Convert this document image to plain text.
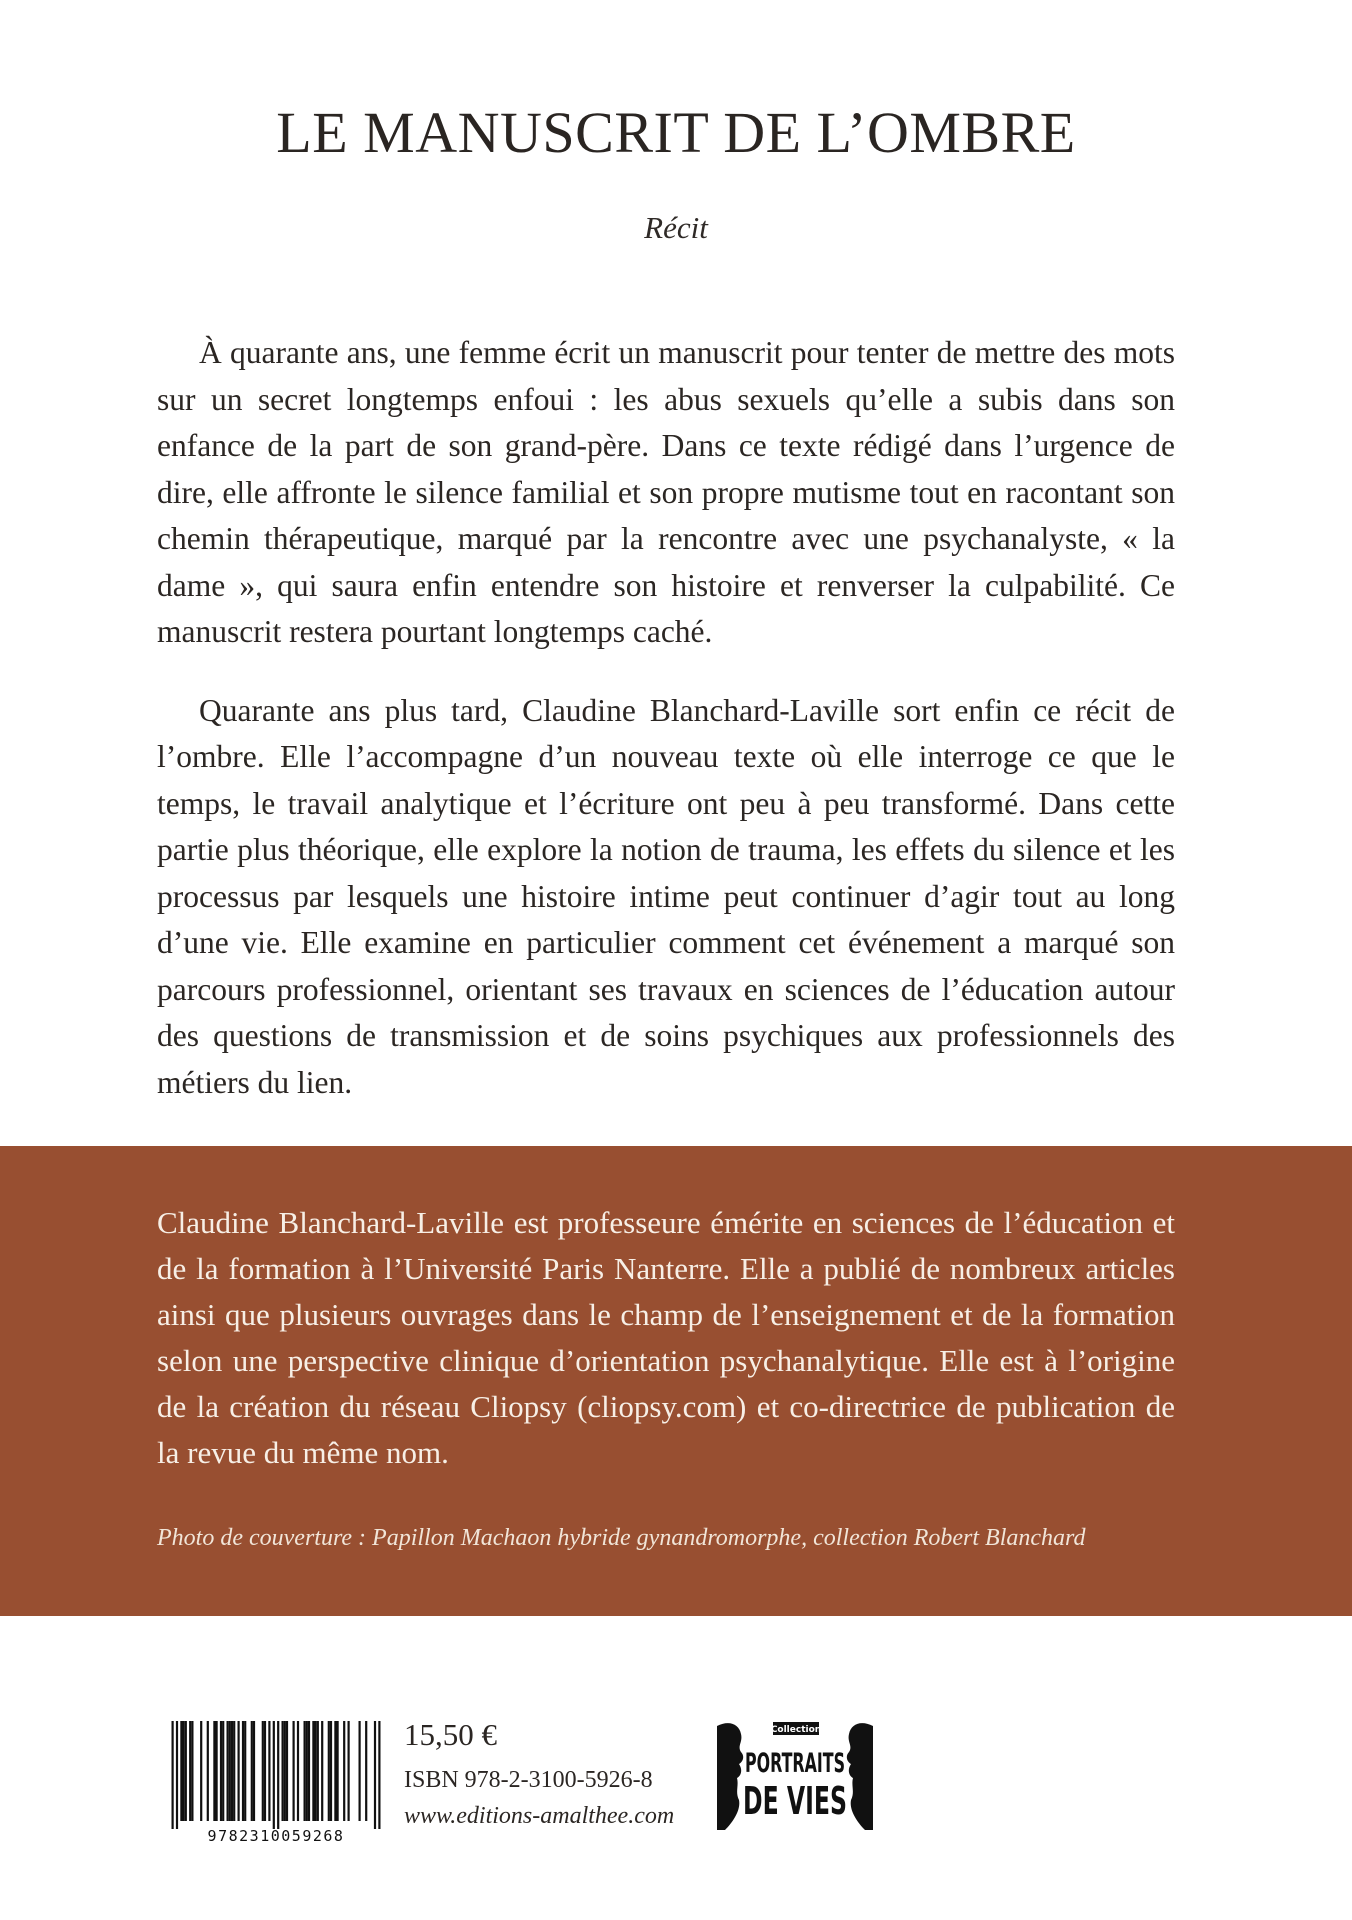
LE MANUSCRIT DE L’OMBRE
Récit

À quarante ans, une femme écrit un manuscrit pour tenter de mettre des mots sur un secret longtemps enfoui : les abus sexuels qu’elle a subis dans son enfance de la part de son grand-père. Dans ce texte rédigé dans l’urgence de dire, elle affronte le silence familial et son propre mutisme tout en racontant son chemin thérapeutique, marqué par la rencontre avec une psychanalyste, « la dame », qui saura enfin entendre son histoire et renverser la culpabilité. Ce manuscrit restera pourtant longtemps caché.

Quarante ans plus tard, Claudine Blanchard-Laville sort enfin ce récit de l’ombre. Elle l’accompagne d’un nouveau texte où elle interroge ce que le temps, le travail analytique et l’écriture ont peu à peu transformé. Dans cette partie plus théorique, elle explore la notion de trauma, les effets du silence et les processus par lesquels une histoire intime peut continuer d’agir tout au long d’une vie. Elle examine en particulier comment cet événement a marqué son parcours professionnel, orientant ses travaux en sciences de l’éducation autour des questions de transmission et de soins psychiques aux professionnels des métiers du lien.

Claudine Blanchard-Laville est professeure émérite en sciences de l’éducation et de la formation à l’Université Paris Nanterre. Elle a publié de nombreux articles ainsi que plusieurs ouvrages dans le champ de l’enseignement et de la formation selon une perspective clinique d’orientation psychanalytique. Elle est à l’origine de la création du réseau Cliopsy (cliopsy.com) et co-directrice de publication de la revue du même nom.

Photo de couverture : Papillon Machaon hybride gynandromorphe, collection Robert Blanchard
9782310059268
15,50 €
ISBN 978-2-3100-5926-8
www.editions-amalthee.com
Collection
PORTRAITS
DE VIES
